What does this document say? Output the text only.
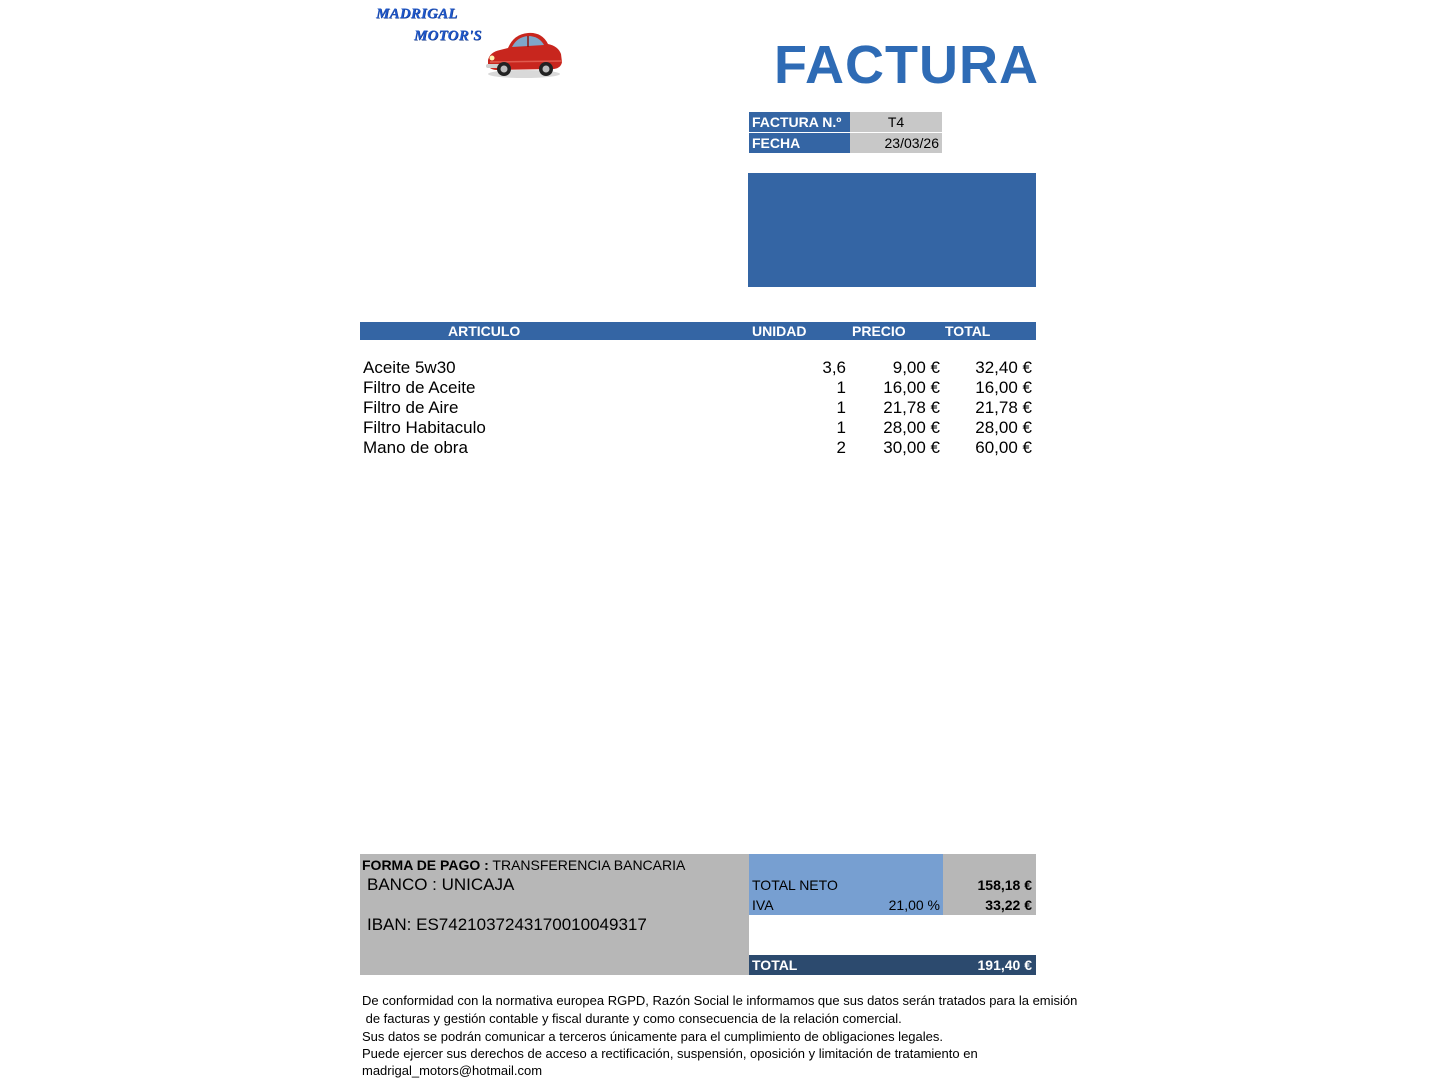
MADRIGAL
MOTOR'S	FACTURA
FACTURA N.º	T4
FECHA	23/03/26
ARTICULO	UNIDAD	PRECIO	TOTAL
Aceite 5w30	3,6	9,00 € 32,40 €
Filtro de Aceite	1 16,00 € 16,00 €
Filtro de Aire	1 21,78 € 21,78 €
Filtro Habitaculo	1 28,00 € 28,00 €
Mano de obra	2 30,00 € 60,00 €
FORMA DE PAGO : TRANSFERENCIA BANCARIA
BANCO : UNICAJA
IBAN: ES7421037243170010049317
TOTAL NETO	158,18 €
IVA	21,00 %	33,22 €
TOTAL	191,40 €
De conformidad con la normativa europea RGPD, Razón Social le informamos que sus datos serán tratados para la emisión
de facturas y gestión contable y fiscal durante y como consecuencia de la relación comercial.
Sus datos se podrán comunicar a terceros únicamente para el cumplimiento de obligaciones legales.
Puede ejercer sus derechos de acceso a rectificación, suspensión, oposición y limitación de tratamiento en
madrigal_motors@hotmail.com
